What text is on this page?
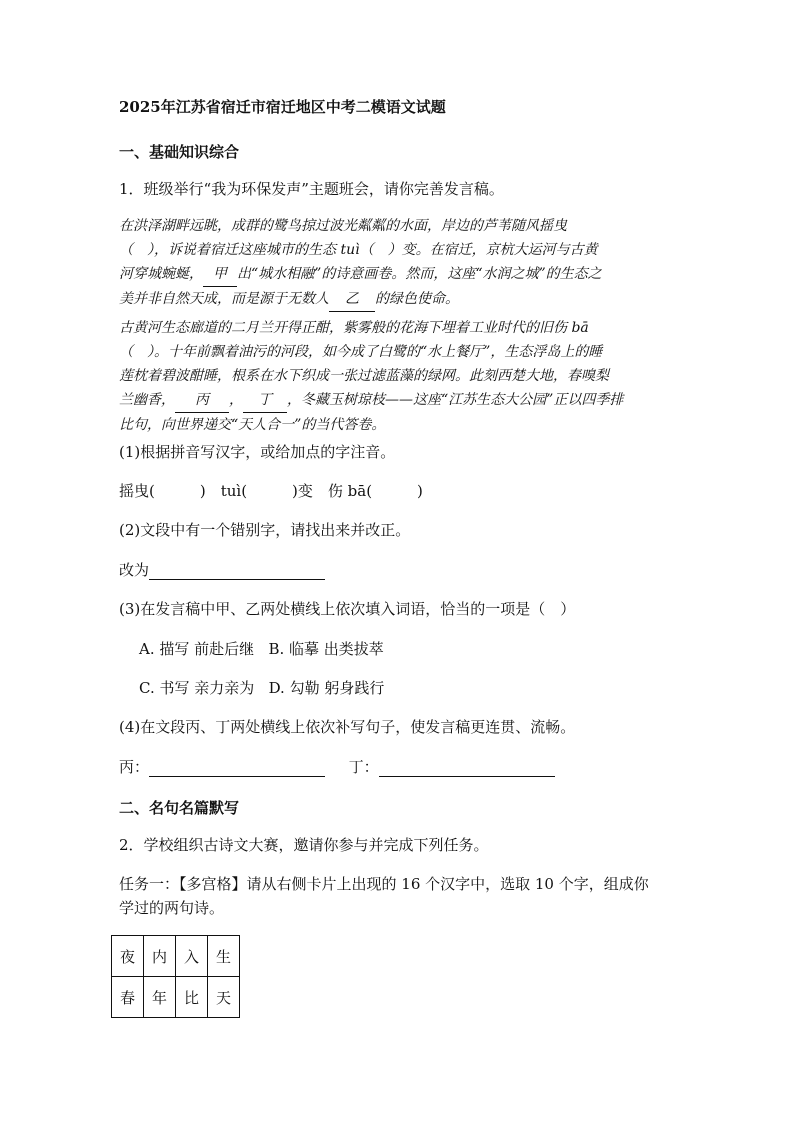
2025年江苏省宿迁市宿迁地区中考二模语文试题
一、基础知识综合
1．班级举行“我为环保发声”主题班会，请你完善发言稿。
在洪泽湖畔远眺，成群的鹭鸟掠过波光粼粼的水面，岸边的芦苇随风摇曳
（　），诉说着宿迁这座城市的生态 tuì（　）变。在宿迁，京杭大运河与古黄
河穿城蜿蜒， 甲 出“城水相融”的诗意画卷。然而，这座“水润之城”的生态之
美并非自然天成，而是源于无数人 乙 的绿色使命。
古黄河生态廊道的二月兰开得正酣，紫雾般的花海下埋着工业时代的旧伤 bā
（　）。十年前飘着油污的河段，如今成了白鹭的“水上餐厅”，生态浮岛上的睡
莲枕着碧波酣睡，根系在水下织成一张过滤蓝藻的绿网。此刻西楚大地，春嗅梨
兰幽香， 丙 ， 丁 ，冬藏玉树琼枝——这座“江苏生态大公园”正以四季排
比句，向世界递交“天人合一”的当代答卷。
(1)根据拼音写汉字，或给加点的字注音。
摇曳(　　　)　tuì(　　　)变　伤 bā(　　　)
(2)文段中有一个错别字，请找出来并改正。
改为
(3)在发言稿中甲、乙两处横线上依次填入词语，恰当的一项是（　）
A. 描写 前赴后继 B. 临摹 出类拔萃
C. 书写 亲力亲为 D. 勾勒 躬身践行
(4)在文段丙、丁两处横线上依次补写句子，使发言稿更连贯、流畅。
丙：	丁：
二、名句名篇默写
2．学校组织古诗文大赛，邀请你参与并完成下列任务。
任务一：【多宫格】请从右侧卡片上出现的 16 个汉字中，选取 10 个字，组成你
学过的两句诗。
夜	内	入	生
春	年	比	天
